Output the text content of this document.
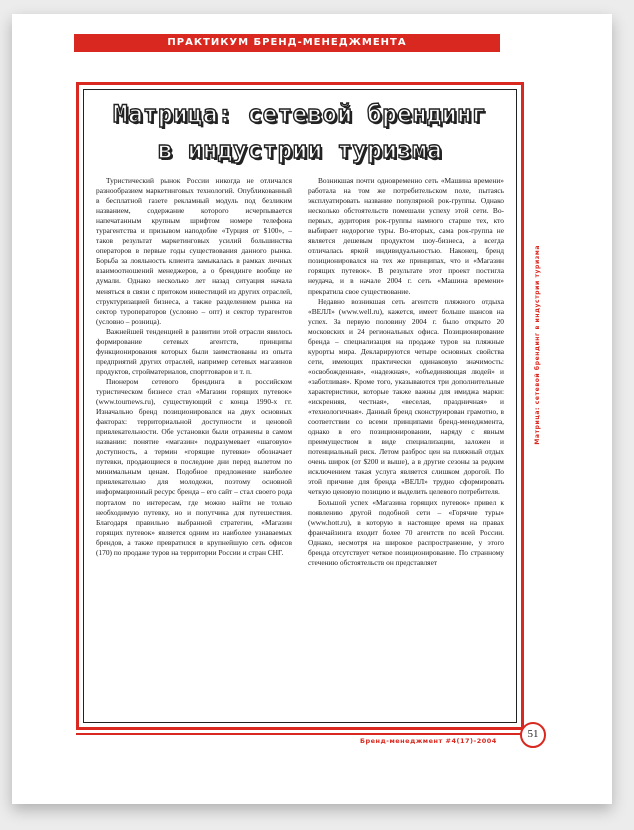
ПРАКТИКУМ БРЕНД-МЕНЕДЖМЕНТА
Матрица: сетевой брендинг в индустрии туризма

Туристический рынок России никогда не отличался разнообразием маркетинговых технологий. Опубликованный в бесплатной газете рекламный модуль под безликим названием, содержание которого исчерпывается напечатанным крупным шрифтом номере телефона турагентства и призывом наподобие «Турция от $100», – таков результат маркетинговых усилий большинства операторов в первые годы существования данного рынка. Борьба за лояльность клиента замыкалась в рамках личных взаимоотношений менеджеров, а о брендинге вообще не думали. Однако несколько лет назад ситуация начала меняться в связи с притоком инвестиций из других отраслей, структуризацией бизнеса, а также разделением рынка на сектор туроператоров (условно – опт) и сектор турагентов (условно – розница).

Важнейшей тенденцией в развитии этой отрасли явилось формирование сетевых агентств, принципы функционирования которых были заимствованы из опыта предприятий других отраслей, например сетевых магазинов продуктов, стройматериалов, спорттоваров и т. п.

Пионером сетевого брендинга в российском туристическом бизнесе стал «Магазин горящих путевок» (www.tournews.ru), существующий с конца 1990-х гг. Изначально бренд позиционировался на двух основных факторах: территориальной доступности и ценовой привлекательности. Обе установки были отражены в самом названии: понятие «магазин» подразумевает «шаговую» доступность, а термин «горящие путевки» обозначает путевки, продающиеся в последние дни перед вылетом по минимальным ценам. Подобное предложение наиболее привлекательно для молодежи, поэтому основной информационный ресурс бренда – его сайт – стал своего рода порталом по интересам, где можно найти не только необходимую путевку, но и попутчика для путешествия. Благодаря правильно выбранной стратегии, «Магазин горящих путевок» является одним из наиболее узнаваемых брендов, а также превратился в крупнейшую сеть офисов (170) по продаже туров на территории России и стран СНГ.

Возникшая почти одновременно сеть «Машина времени» работала на том же потребительском поле, пытаясь эксплуатировать название популярной рок-группы. Однако несколько обстоятельств помешали успеху этой сети. Во-первых, аудитория рок-группы намного старше тех, кто выбирает недорогие туры. Во-вторых, сама рок-группа не является дешевым продуктом шоу-бизнеса, а всегда отличалась яркой индивидуальностью. Наконец, бренд позиционировался на тех же принципах, что и «Магазин горящих путевок». В результате этот проект постигла неудача, и в начале 2004 г. сеть «Машина времени» прекратила свое существование.

Недавно возникшая сеть агентств пляжного отдыха «ВЕЛЛ» (www.well.ru), кажется, имеет больше шансов на успех. За первую половину 2004 г. было открыто 20 московских и 24 региональных офиса. Позиционирование бренда – специализация на продаже туров на пляжные курорты мира. Декларируются четыре основных свойства сети, имеющих практически одинаковую значимость: «освобожденная», «надежная», «объединяющая людей» и «заботливая». Кроме того, указываются три дополнительные характеристики, которые также важны для имиджа марки: «искренняя, честная», «веселая, праздничная» и «технологичная». Данный бренд сконструирован грамотно, в соответствии со всеми принципами бренд-менеджмента, однако в его позиционировании, наряду с явным преимуществом в виде специализации, заложен и потенциальный риск. Летом разброс цен на пляжный отдых очень широк (от $200 и выше), а в другие сезоны за редким исключением такая услуга является слишком дорогой. По этой причине для бренда «ВЕЛЛ» трудно сформировать четкую ценовую позицию и выделить целевого потребителя.

Большой успех «Магазина горящих путевок» привел к появлению другой подобной сети – «Горячие туры» (www.hott.ru), в которую в настоящее время на правах франчайзинга входит более 70 агентств по всей России. Однако, несмотря на широкое распространение, у этого бренда отсутствует четкое позиционирование. По странному стечению обстоятельств он представляет

Матрица: сетевой брендинг в индустрии туризма
Бренд-менеджмент #4(17)-2004
51
